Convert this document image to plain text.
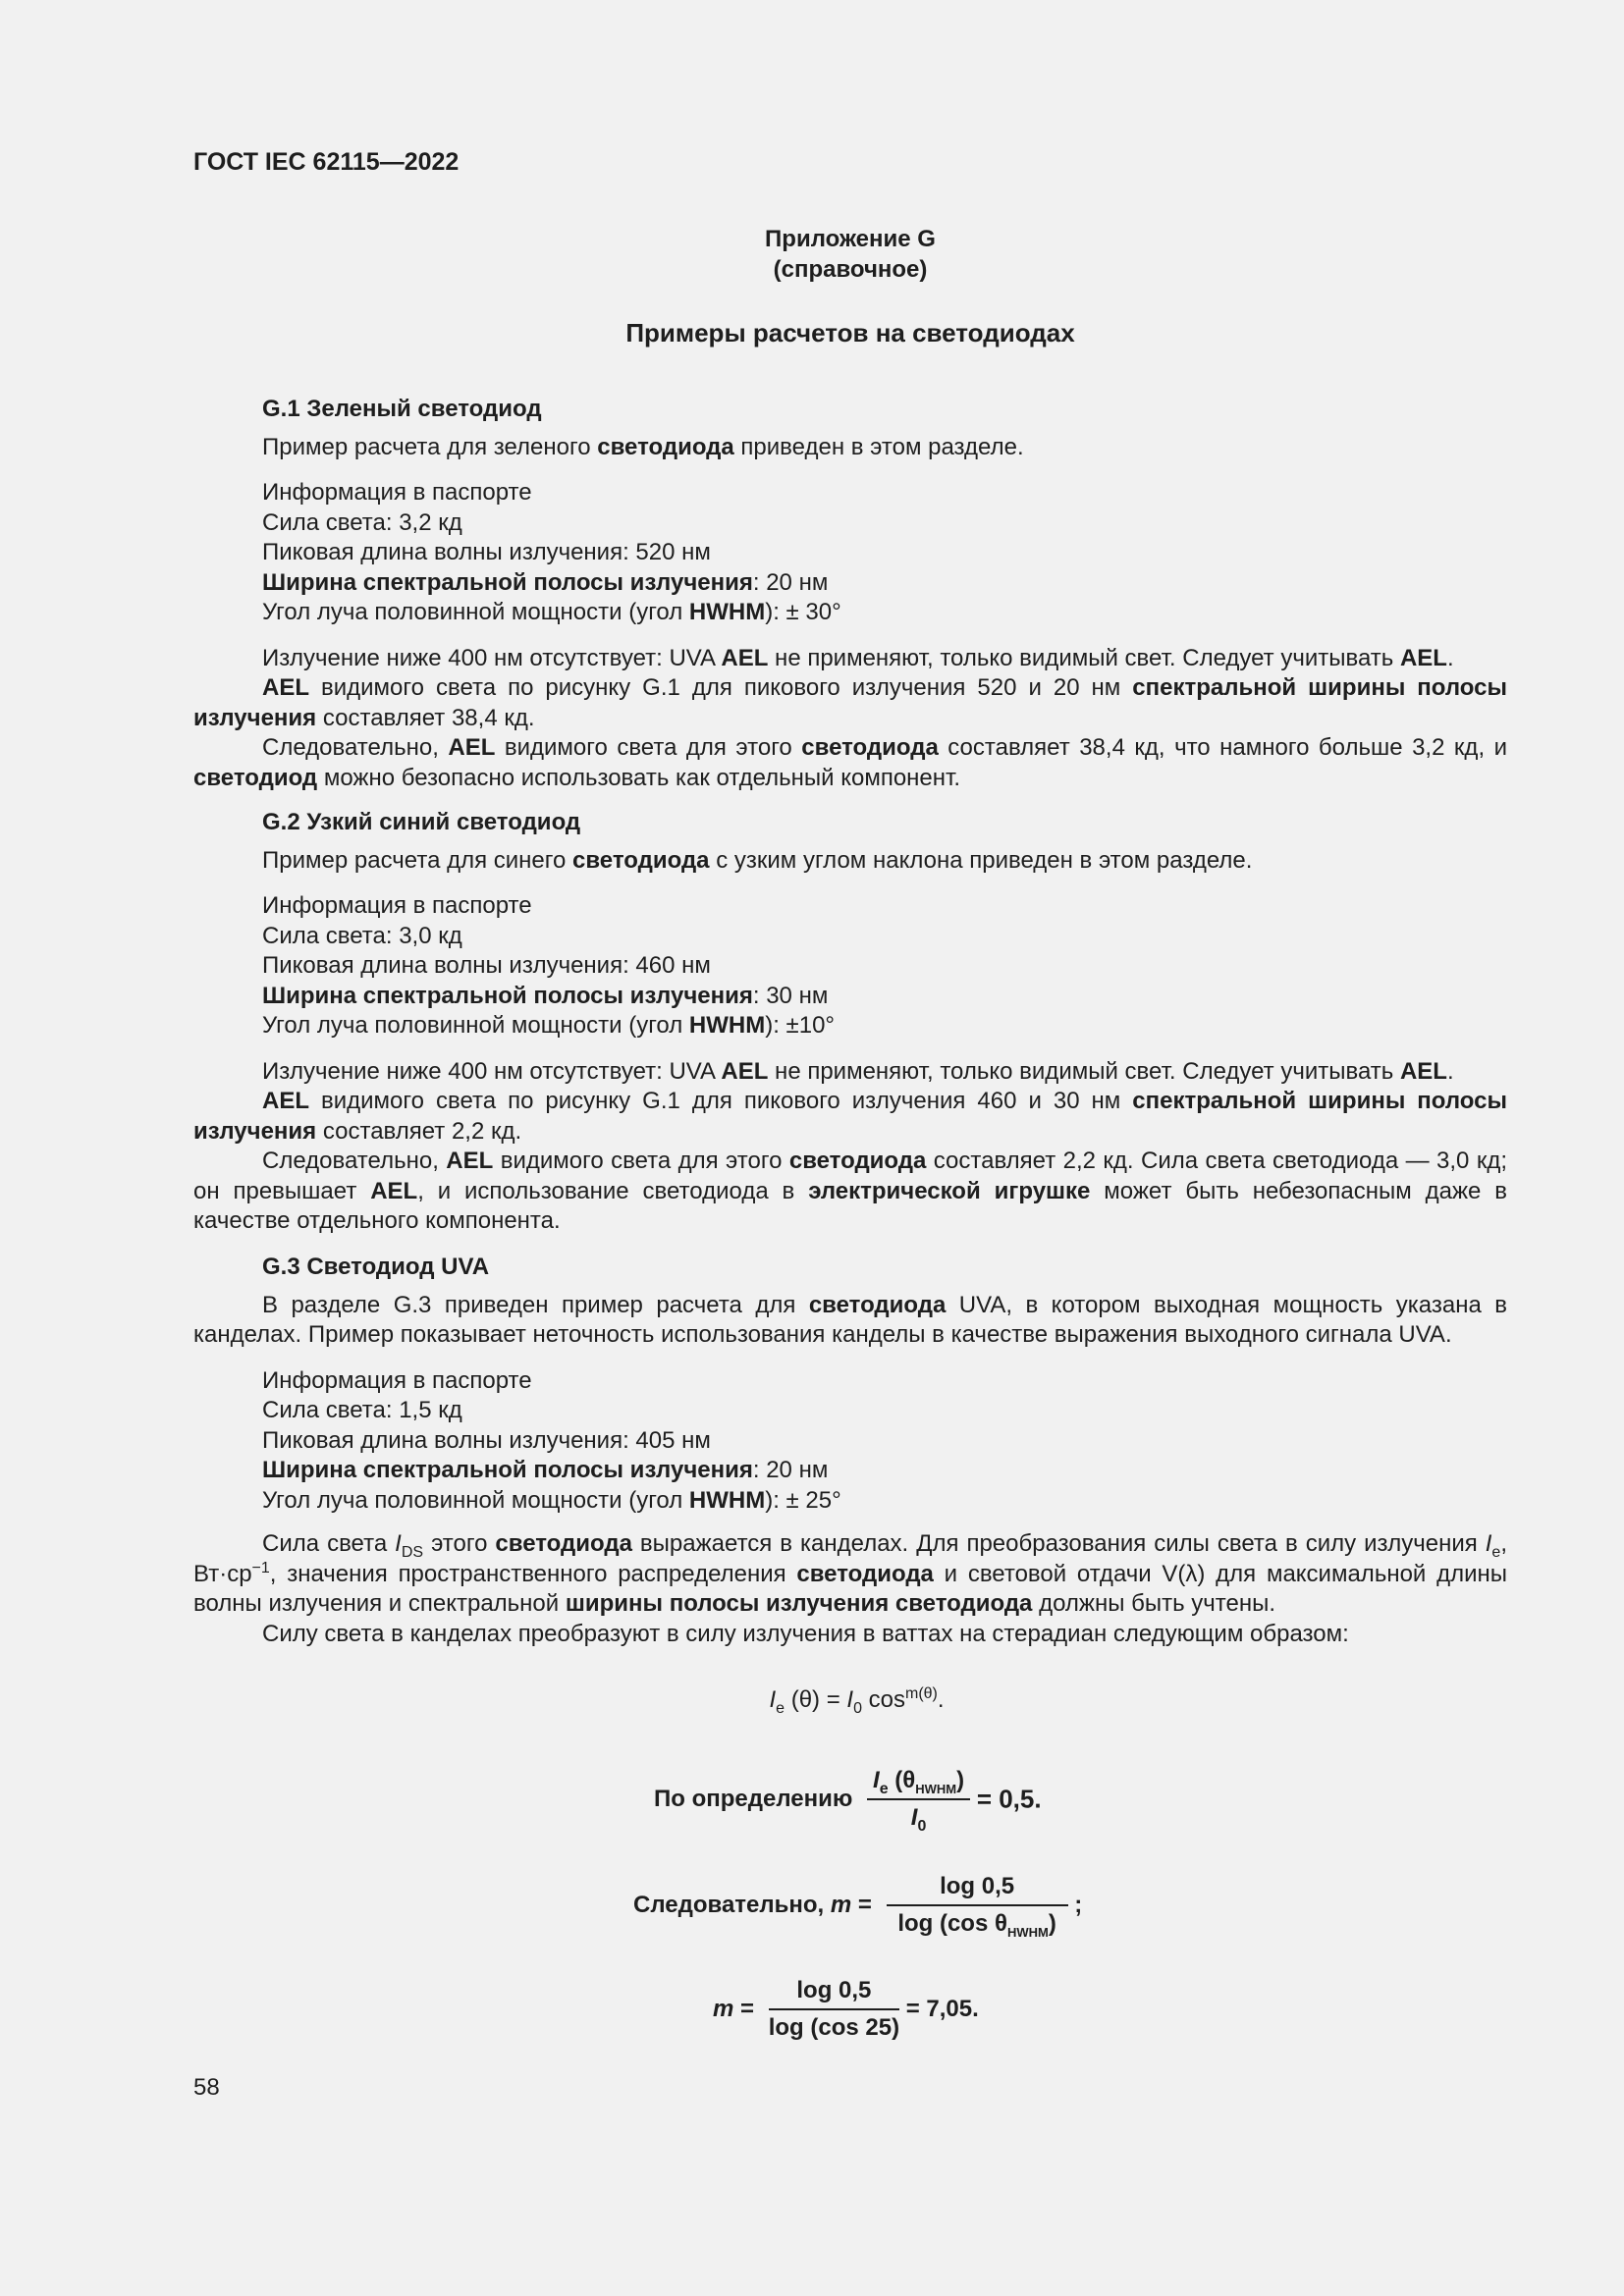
ГОСТ IEC 62115—2022
Приложение G
(справочное)
Примеры расчетов на светодиодах

G.1 Зеленый светодиод

Пример расчета для зеленого светодиода приведен в этом разделе.

Информация в паспорте

Сила света: 3,2 кд

Пиковая длина волны излучения: 520 нм

Ширина спектральной полосы излучения: 20 нм

Угол луча половинной мощности (угол HWHM): ± 30°

Излучение ниже 400 нм отсутствует: UVA AEL не применяют, только видимый свет. Следует учитывать AEL.

AEL видимого света по рисунку G.1 для пикового излучения 520 и 20 нм спектральной ширины полосы излучения составляет 38,4 кд.

Следовательно, AEL видимого света для этого светодиода составляет 38,4 кд, что намного больше 3,2 кд, и светодиод можно безопасно использовать как отдельный компонент.

G.2 Узкий синий светодиод

Пример расчета для синего светодиода с узким углом наклона приведен в этом разделе.

Информация в паспорте

Сила света: 3,0 кд

Пиковая длина волны излучения: 460 нм

Ширина спектральной полосы излучения: 30 нм

Угол луча половинной мощности (угол HWHM): ±10°

Излучение ниже 400 нм отсутствует: UVA AEL не применяют, только видимый свет. Следует учитывать AEL.

AEL видимого света по рисунку G.1 для пикового излучения 460 и 30 нм спектральной ширины полосы излучения составляет 2,2 кд.

Следовательно, AEL видимого света для этого светодиода составляет 2,2 кд. Сила света светодиода — 3,0 кд; он превышает AEL, и использование светодиода в электрической игрушке может быть небезопасным даже в качестве отдельного компонента.

G.3 Светодиод UVA

В разделе G.3 приведен пример расчета для светодиода UVA, в котором выходная мощность указана в канделах. Пример показывает неточность использования канделы в качестве выражения выходного сигнала UVA.

Информация в паспорте

Сила света: 1,5 кд

Пиковая длина волны излучения: 405 нм

Ширина спектральной полосы излучения: 20 нм

Угол луча половинной мощности (угол HWHM): ± 25°

Сила света $I_{DS}$ этого светодиода выражается в канделах. Для преобразования силы света в силу излучения $I_e$, $Вт\cdot ср^{-1}$, значения пространственного распределения светодиода и световой отдачи V(λ) для максимальной длины волны излучения и спектральной ширины полосы излучения светодиода должны быть учтены.

Силу света в канделах преобразуют в силу излучения в ваттах на стерадиан следующим образом:

$I_e$ $(\theta) = I_0$ $\cos^{m(\theta)}$.
По определению $\frac{I_e (\theta_{HWHM})}{I_0} = 0,5$.
Следовательно, $m = \frac{\log 0,5}{\log (\cos \theta_{HWHM})}$ ;
$m = \frac{\log 0,5}{\log (\cos 25)} = 7,05$.
58
